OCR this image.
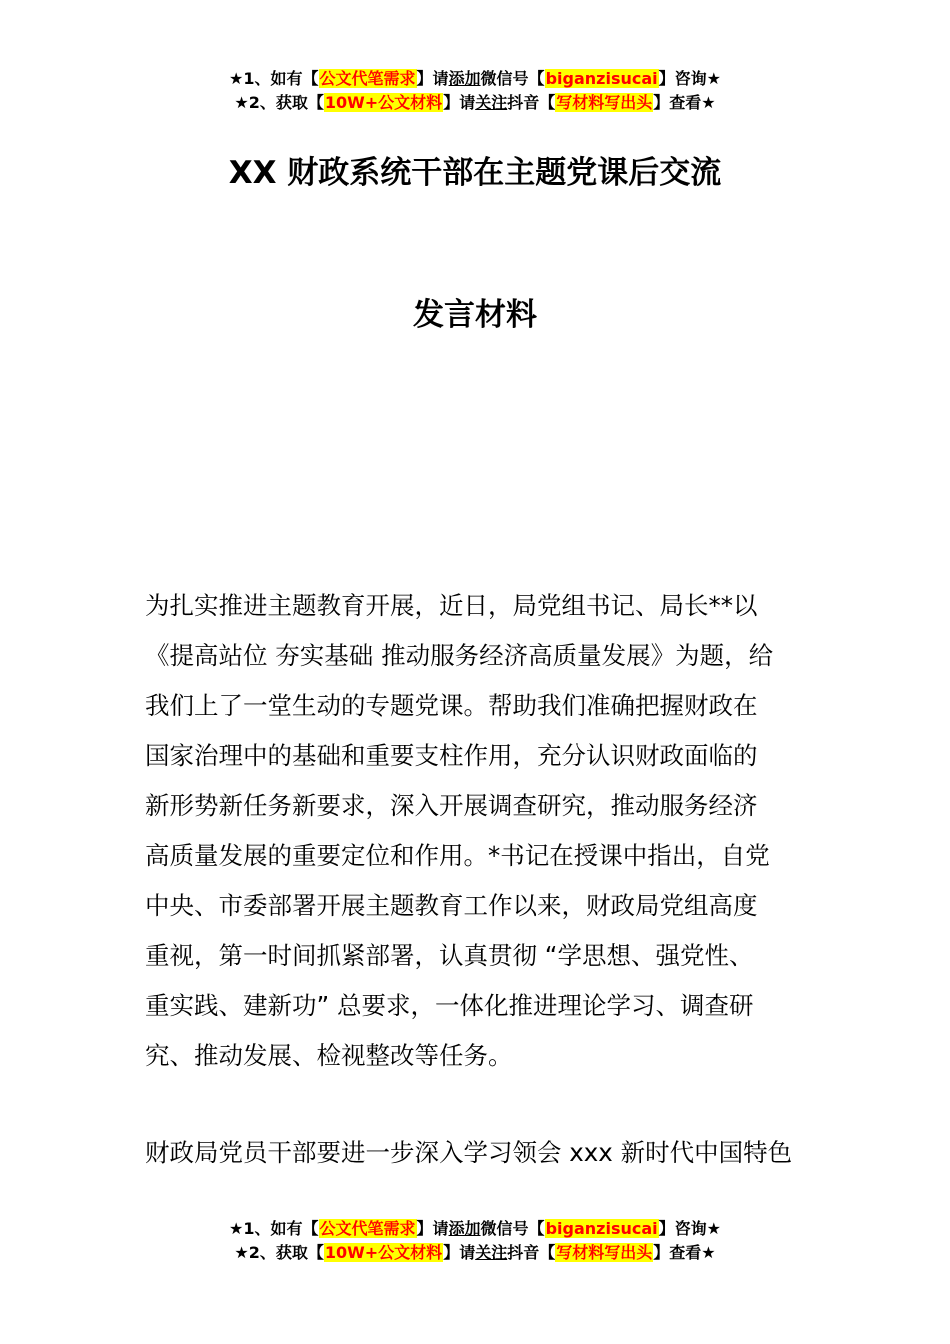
★1、如有【公文代笔需求】请添加微信号【biganzisucai】咨询★
★2、获取【10W+公文材料】请关注抖音【写材料写出头】查看★
XX 财政系统干部在主题党课后交流
发言材料
为扎实推进主题教育开展，近日，局党组书记、局长**以
《提高站位 夯实基础 推动服务经济高质量发展》为题，给
我们上了一堂生动的专题党课。帮助我们准确把握财政在
国家治理中的基础和重要支柱作用，充分认识财政面临的
新形势新任务新要求，深入开展调查研究，推动服务经济
高质量发展的重要定位和作用。*书记在授课中指出，自党
中央、市委部署开展主题教育工作以来，财政局党组高度
重视，第一时间抓紧部署，认真贯彻 “学思想、强党性、
重实践、建新功” 总要求，一体化推进理论学习、调查研
究、推动发展、检视整改等任务。
财政局党员干部要进一步深入学习领会 xxx 新时代中国特色
★1、如有【公文代笔需求】请添加微信号【biganzisucai】咨询★
★2、获取【10W+公文材料】请关注抖音【写材料写出头】查看★
